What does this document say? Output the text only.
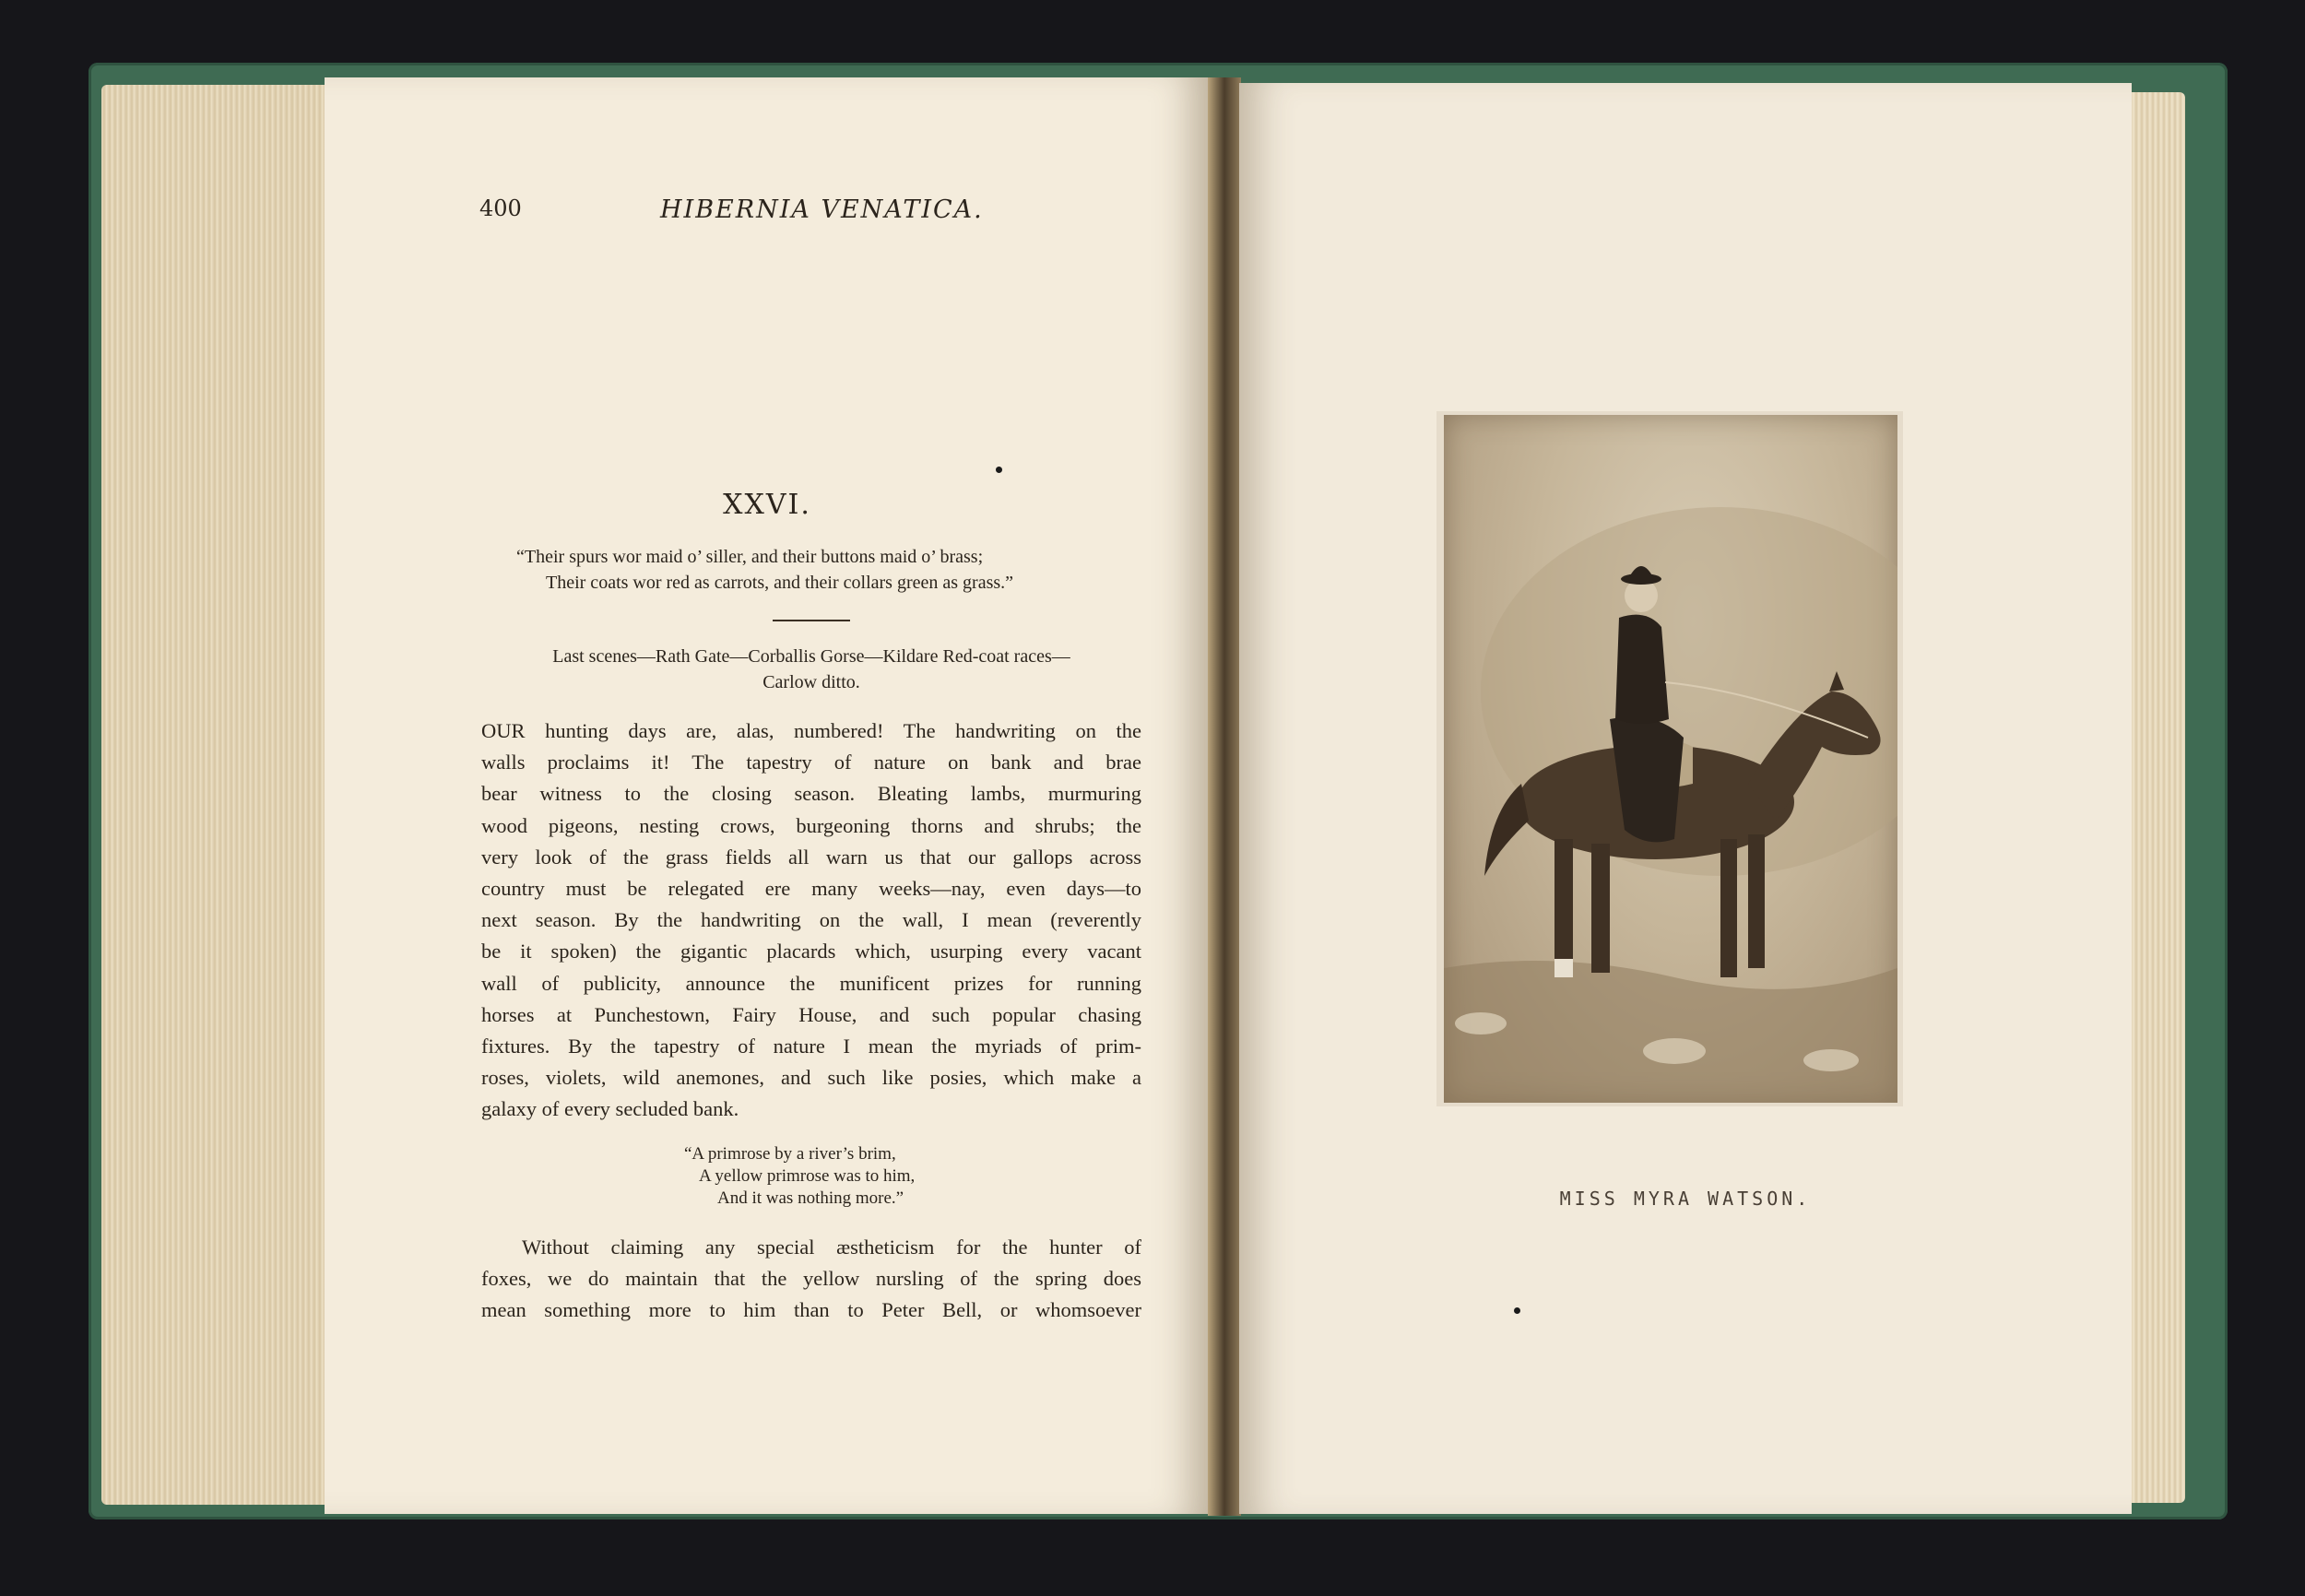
400	HIBERNIA VENATICA.
XXVI.
“Their spurs wor maid o’ siller, and their buttons maid o’ brass;
Their coats wor red as carrots, and their collars green as grass.”
Last scenes—Rath Gate—Corballis Gorse—Kildare Red-coat races—
Carlow ditto.
OUR hunting days are, alas, numbered! The handwriting on the
walls proclaims it! The tapestry of nature on bank and brae
bear witness to the closing season. Bleating lambs, murmuring
wood pigeons, nesting crows, burgeoning thorns and shrubs; the
very look of the grass fields all warn us that our gallops across
country must be relegated ere many weeks—nay, even days—to
next season. By the handwriting on the wall, I mean (reverently
be it spoken) the gigantic placards which, usurping every vacant
wall of publicity, announce the munificent prizes for running
horses at Punchestown, Fairy House, and such popular chasing
fixtures. By the tapestry of nature I mean the myriads of prim-
roses, violets, wild anemones, and such like posies, which make a
galaxy of every secluded bank.
“A primrose by a river’s brim,
A yellow primrose was to him,
And it was nothing more.”
Without claiming any special æstheticism for the hunter of
foxes, we do maintain that the yellow nursling of the spring does
mean something more to him than to Peter Bell, or whomsoever
MISS MYRA WATSON.
